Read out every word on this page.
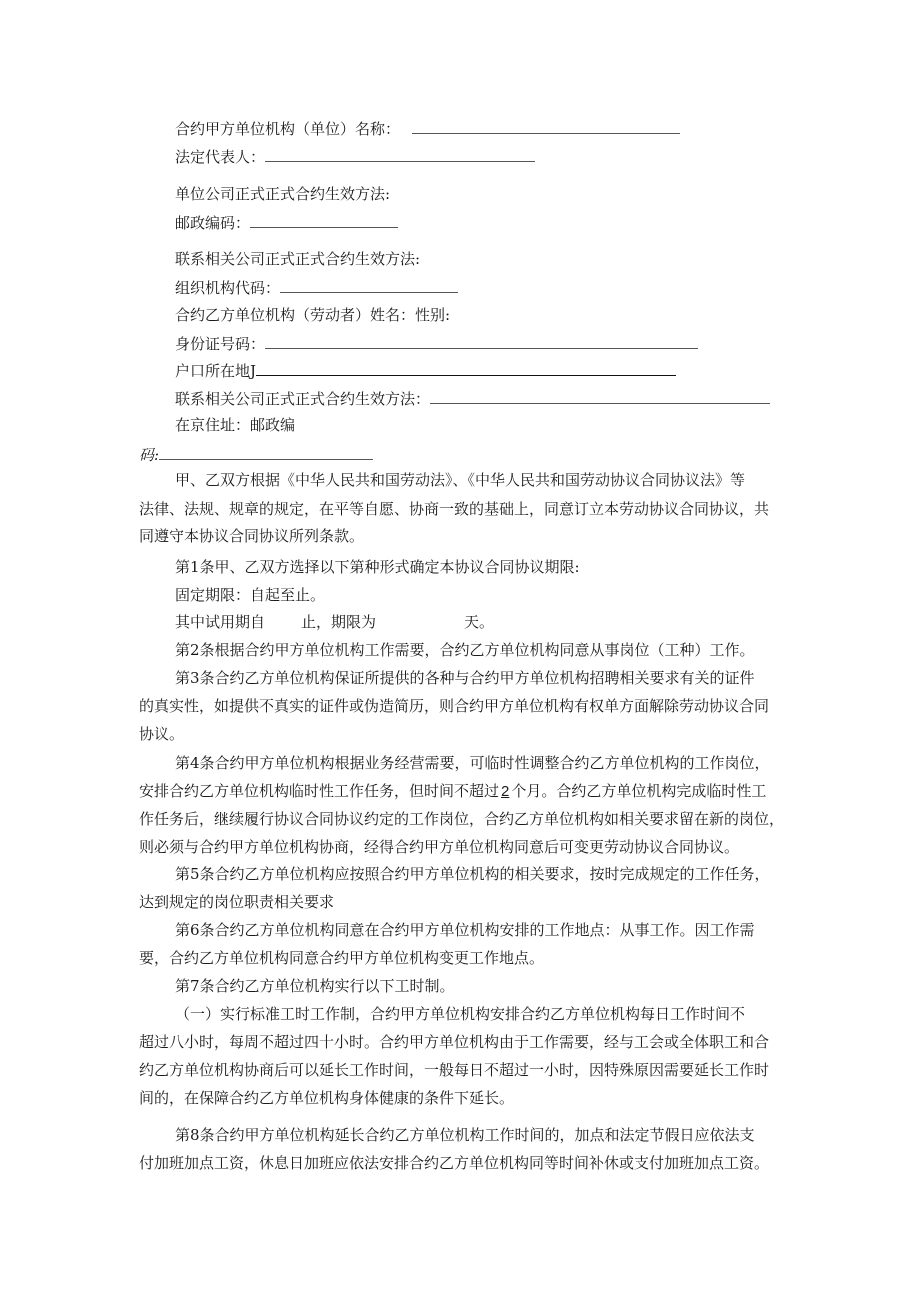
合约甲方单位机构（单位）名称：
法定代表人：
单位公司正式正式合约生效方法:
邮政编码：
联系相关公司正式正式合约生效方法:
组织机构代码：
合约乙方单位机构（劳动者）姓名：性别:
身份证号码：
户口所在地J
联系相关公司正式正式合约生效方法：
在京住址：邮政编
码:
甲、乙双方根据《中华人民共和国劳动法》、《中华人民共和国劳动协议合同协议法》等
法律、法规、规章的规定，在平等自愿、协商一致的基础上，同意订立本劳动协议合同协议，共
同遵守本协议合同协议所列条款。
第1条甲、乙双方选择以下第种形式确定本协议合同协议期限:
固定期限：自起至止。
其中试用期自 止，期限为	天。
第2条根据合约甲方单位机构工作需要，合约乙方单位机构同意从事岗位（工种）工作。
第3条合约乙方单位机构保证所提供的各种与合约甲方单位机构招聘相关要求有关的证件
的真实性，如提供不真实的证件或伪造简历，则合约甲方单位机构有权单方面解除劳动协议合同
协议。
第4条合约甲方单位机构根据业务经营需要，可临时性调整合约乙方单位机构的工作岗位，
安排合约乙方单位机构临时性工作任务，但时间不超过 2 个月。合约乙方单位机构完成临时性工
作任务后，继续履行协议合同协议约定的工作岗位，合约乙方单位机构如相关要求留在新的岗位，
则必须与合约甲方单位机构协商，经得合约甲方单位机构同意后可变更劳动协议合同协议。
第5条合约乙方单位机构应按照合约甲方单位机构的相关要求，按时完成规定的工作任务，
达到规定的岗位职责相关要求
第6条合约乙方单位机构同意在合约甲方单位机构安排的工作地点：从事工作。因工作需
要，合约乙方单位机构同意合约甲方单位机构变更工作地点。
第7条合约乙方单位机构实行以下工时制。
（一）实行标准工时工作制，合约甲方单位机构安排合约乙方单位机构每日工作时间不
超过八小时，每周不超过四十小时。合约甲方单位机构由于工作需要，经与工会或全体职工和合
约乙方单位机构协商后可以延长工作时间，一般每日不超过一小时，因特殊原因需要延长工作时
间的，在保障合约乙方单位机构身体健康的条件下延长。
第8条合约甲方单位机构延长合约乙方单位机构工作时间的，加点和法定节假日应依法支
付加班加点工资，休息日加班应依法安排合约乙方单位机构同等时间补休或支付加班加点工资。
